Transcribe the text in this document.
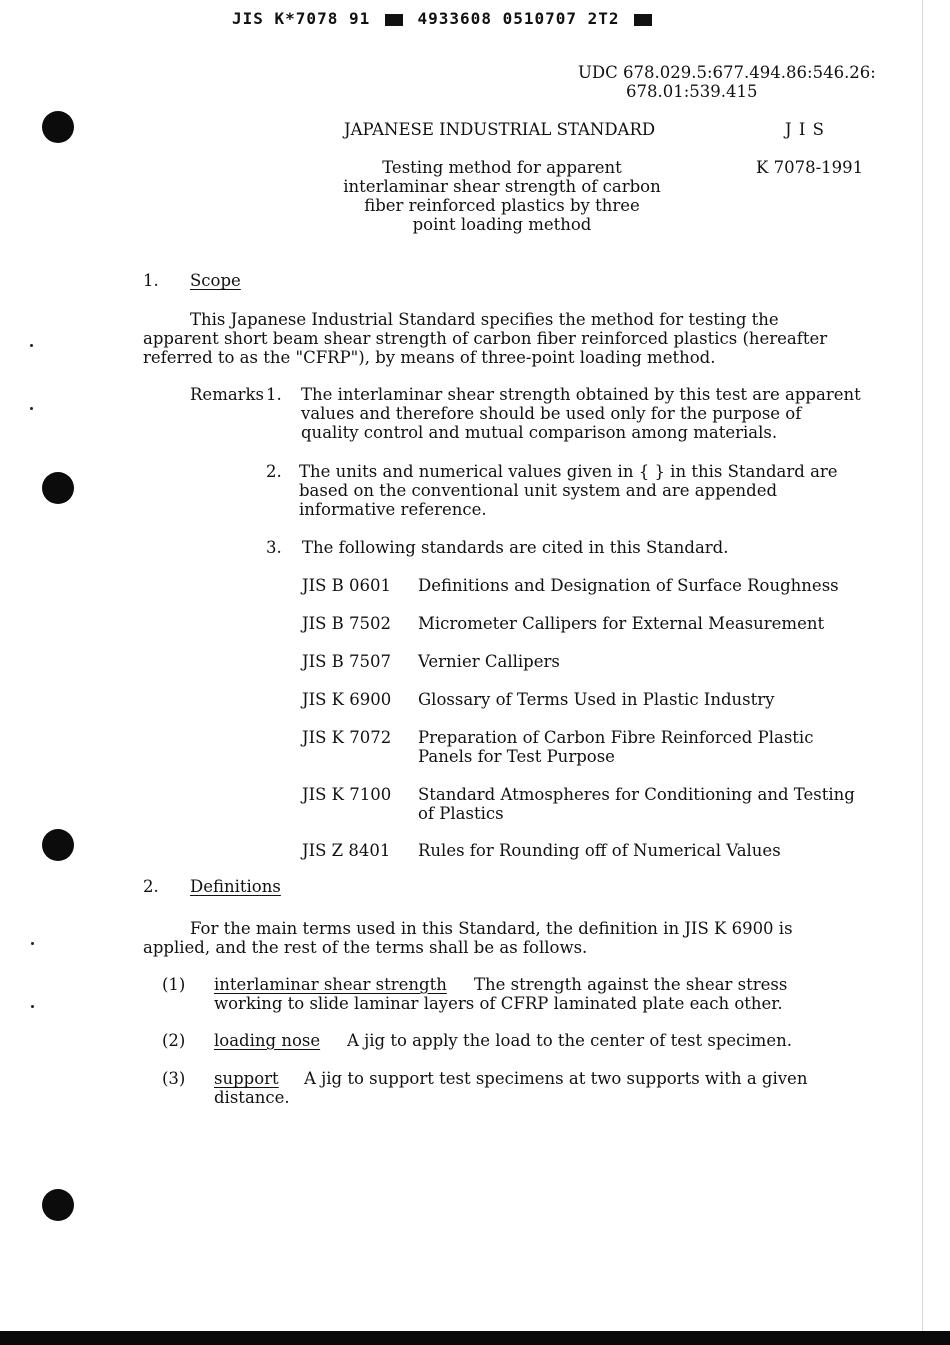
JIS K*7078 91	4933608 0510707 2T2
UDC 678.029.5:677.494.86:546.26:
678.01:539.415
JAPANESE INDUSTRIAL STANDARD	J I S
K 7078-1991
Testing method for apparent
interlaminar shear strength of carbon
fiber reinforced plastics by three
point loading method
1. Scope
This Japanese Industrial Standard specifies the method for testing the
apparent short beam shear strength of carbon fiber reinforced plastics (hereafter
referred to as the "CFRP"), by means of three-point loading method.
Remarks 1. The interlaminar shear strength obtained by this test are apparent
values and therefore should be used only for the purpose of
quality control and mutual comparison among materials.
2. The units and numerical values given in { } in this Standard are
based on the conventional unit system and are appended
informative reference.
3. The following standards are cited in this Standard.
JIS B 0601 Definitions and Designation of Surface Roughness
JIS B 7502 Micrometer Callipers for External Measurement
JIS B 7507 Vernier Callipers
JIS K 6900 Glossary of Terms Used in Plastic Industry
JIS K 7072 Preparation of Carbon Fibre Reinforced Plastic
Panels for Test Purpose
JIS K 7100 Standard Atmospheres for Conditioning and Testing
of Plastics
JIS Z 8401 Rules for Rounding off of Numerical Values
2. Definitions
For the main terms used in this Standard, the definition in JIS K 6900 is
applied, and the rest of the terms shall be as follows.
(1) interlaminar shear strength The strength against the shear stress
working to slide laminar layers of CFRP laminated plate each other.
(2) loading nose A jig to apply the load to the center of test specimen.
(3) support A jig to support test specimens at two supports with a given
distance.
